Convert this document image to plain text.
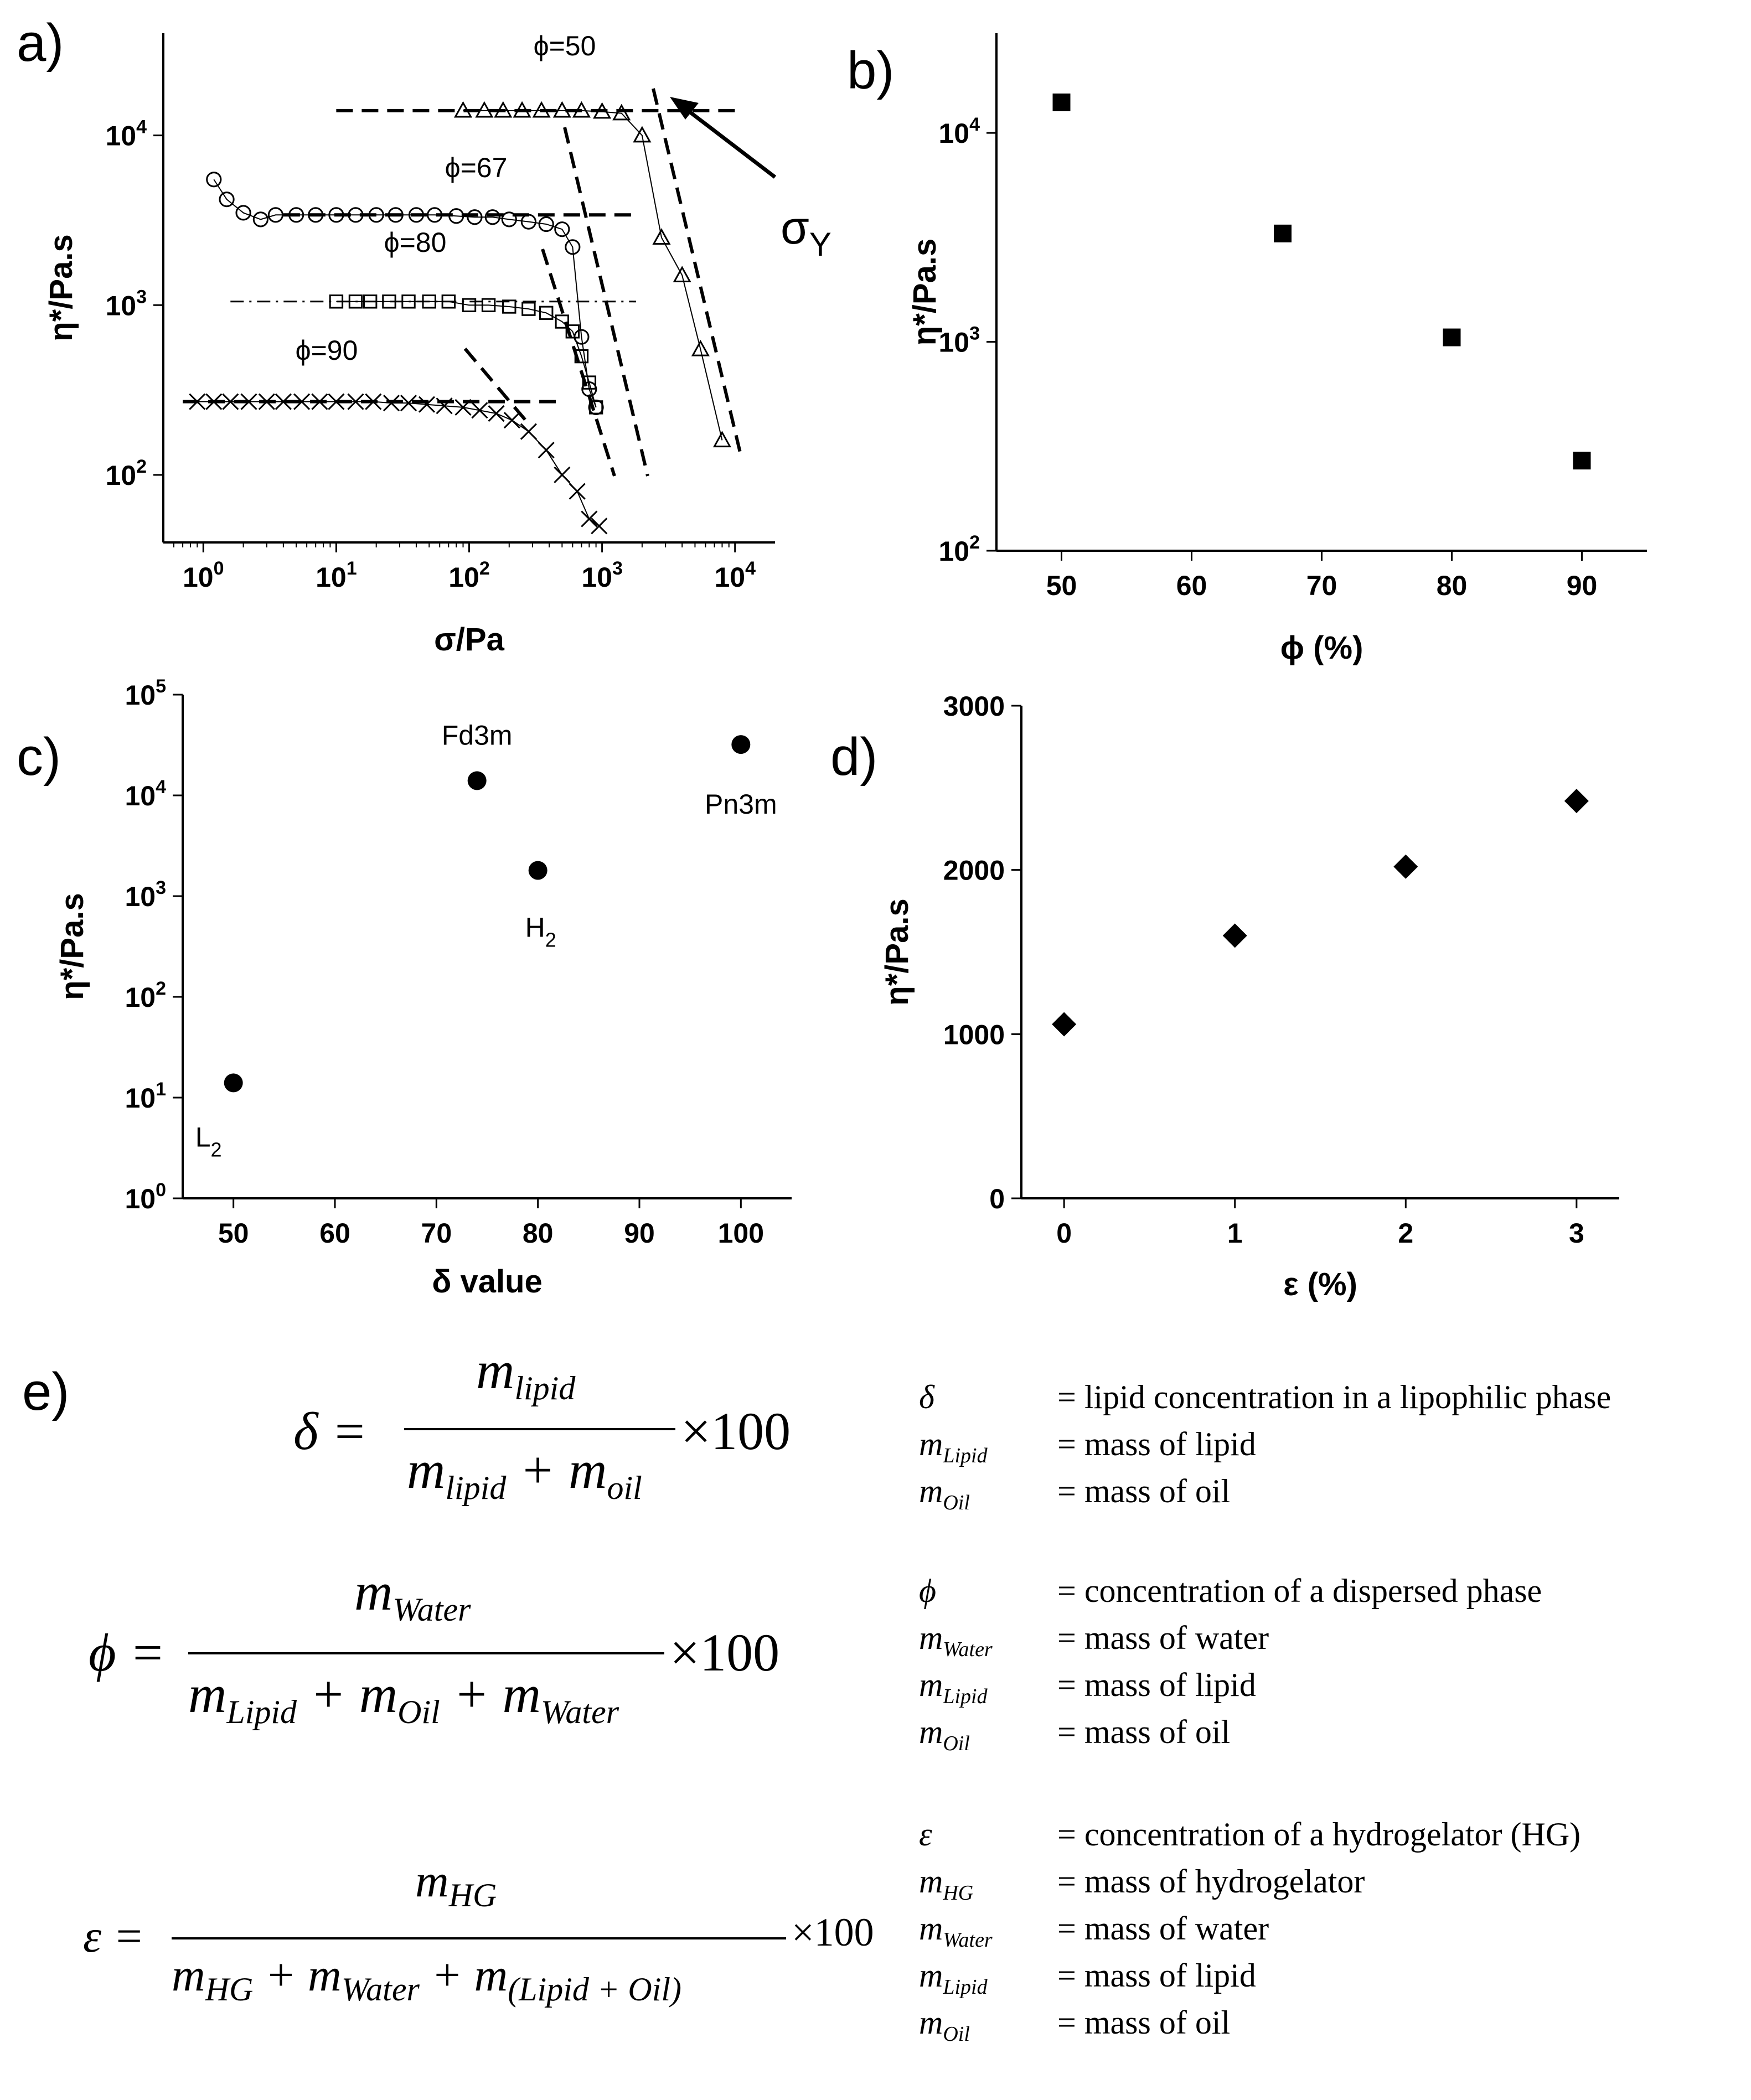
a)	b)
c)	d)
$10^0$	$10^1$	$10^2$	$10^3$	$10^4$
$10^2$
$10^3$
$10^4$
σ/Pa
η*/Pa.s
ϕ=50
ϕ=67
ϕ=80
ϕ=90
σY
50	60	70	80	90
$10^2$
$10^3$
$10^4$
ϕ (%)
η*/Pa.s
50	60	70	80	90 100
$10^0$
$10^1$
$10^2$
$10^3$
$10^4$
$10^5$
δ value
η*/Pa.s
$L_2$
Fd3m
$H_2$
Pn3m
0	1	2	3
0
1000
2000
3000
ε (%)
η*/Pa.s
e)
δ =
$m_{lipid}$
$m_{lipid} + m_{oil}$
×100
ϕ =
$m_{Water}$
$m_{Lipid} + m_{Oil} + m_{Water}$
×100
ε =
$m_{HG}$
$m_{HG} + m_{Water} + m_{(Lipid + Oil)}$
×100
δ	= lipid concentration in a lipophilic phase
$m_{Lipid}$ = mass of lipid
$m_{Oil}$	= mass of oil
ϕ	= concentration of a dispersed phase
$m_{Water}$ = mass of water
$m_{Lipid}$ = mass of lipid
$m_{Oil}$	= mass of oil
ε	= concentration of a hydrogelator (HG)
$m_{HG}$	= mass of hydrogelator
$m_{Water}$ = mass of water
$m_{Lipid}$ = mass of lipid
$m_{Oil}$	= mass of oil
